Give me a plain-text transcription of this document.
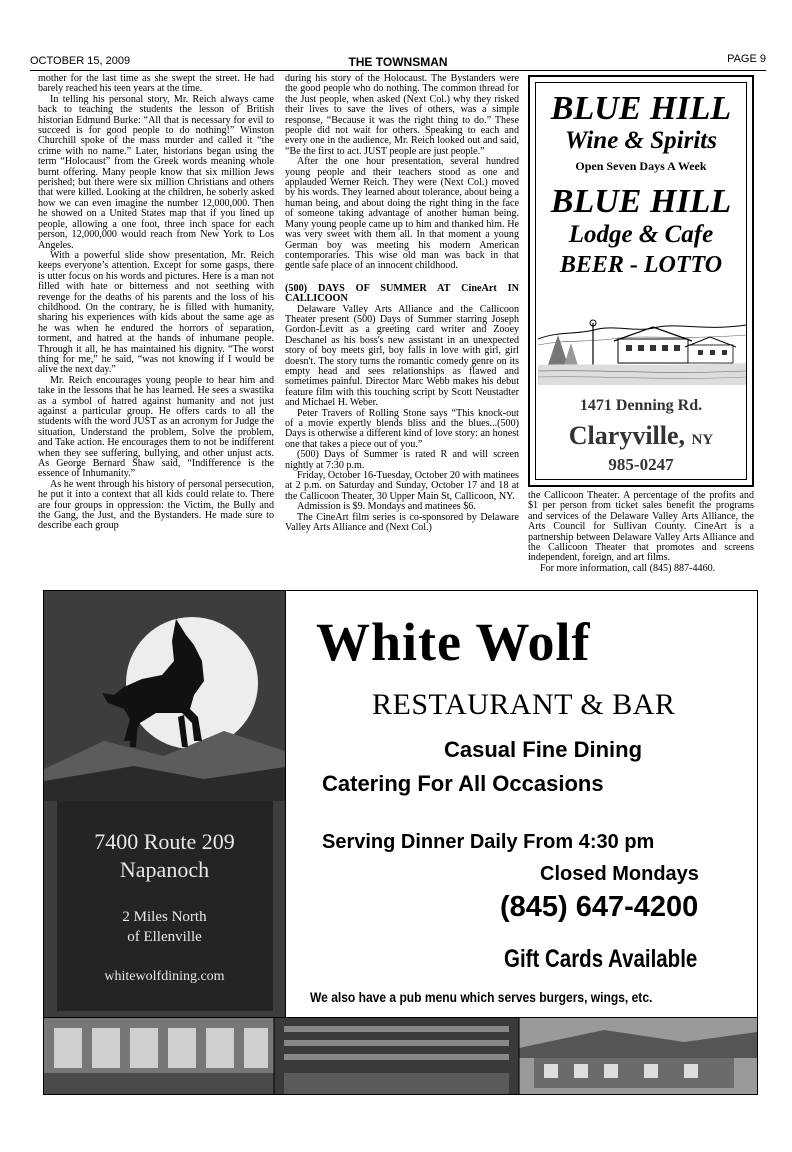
OCTOBER 15, 2009	THE TOWNSMAN	PAGE 9

mother for the last time as she swept the street. He had barely reached his teen years at the time.

In telling his personal story, Mr. Reich always came back to teaching the students the lesson of British historian Edmund Burke: “All that is necessary for evil to succeed is for good people to do nothing!” Winston Churchill spoke of the mass murder and called it “the crime with no name.” Later, historians began using the term “Holocaust” from the Greek words meaning whole burnt offering. Many people know that six million Jews perished; but there were six million Christians and others that were killed. Looking at the children, he soberly asked how we can even imagine the number 12,000,000. Then he showed on a United States map that if you lined up people, allowing a one foot, three inch space for each person, 12,000,000 would reach from New York to Los Angeles.

With a powerful slide show presentation, Mr. Reich keeps everyone’s attention. Except for some gasps, there is utter focus on his words and pictures. Here is a man not filled with hate or bitterness and not seething with revenge for the deaths of his parents and the loss of his childhood. On the contrary, he is filled with humanity, sharing his experiences with kids about the same age as he was when he endured the horrors of separation, torment, and hatred at the hands of inhumane people. Through it all, he has maintained his dignity. “The worst thing for me,” he said, “was not knowing if I would be alive the next day.”

Mr. Reich encourages young people to hear him and take in the lessons that he has learned. He sees a swastika as a symbol of hatred against humanity and not just against a particular group. He offers cards to all the students with the word JUST as an acronym for Judge the situation, Understand the problem, Solve the problem, and Take action. He encourages them to not be indifferent when they see suffering, bullying, and other unjust acts. As George Bernard Shaw said, “Indifference is the essence of Inhumanity.”

As he went through his history of personal persecution, he put it into a context that all kids could relate to. There are four groups in oppression: the Victim, the Bully and the Gang, the Just, and the Bystanders. He made sure to describe each group

during his story of the Holocaust. The Bystanders were the good people who do nothing. The common thread for the Just people, when asked (Next Col.) why they risked their lives to save the lives of others, was a simple response, “Because it was the right thing to do.” These people did not wait for others. Speaking to each and every one in the audience, Mr. Reich looked out and said, “Be the first to act. JUST people are just people.”

After the one hour presentation, several hundred young people and their teachers stood as one and applauded Werner Reich. They were (Next Col.) moved by his words. They learned about tolerance, about being a human being, and about doing the right thing in the face of someone taking advantage of another human being. Many young people came up to him and thanked him. He was very sweet with them all. In that moment a young German boy was meeting his modern American contemporaries. This wise old man was back in that gentle safe place of an innocent childhood.

(500) DAYS OF SUMMER AT CineArt IN CALLICOON

Delaware Valley Arts Alliance and the Callicoon Theater present (500) Days of Summer starring Joseph Gordon-Levitt as a greeting card writer and Zooey Deschanel as his boss's new assistant in an unexpected story of boy meets girl, boy falls in love with girl, girl doesn't. The story turns the romantic comedy genre on its empty head and sees relationships as flawed and sometimes painful. Director Marc Webb makes his debut feature film with this touching script by Scott Neustadter and Michael H. Weber.

Peter Travers of Rolling Stone says “This knock-out of a movie expertly blends bliss and the blues...(500) Days is otherwise a different kind of love story: an honest one that takes a piece out of you.”

(500) Days of Summer is rated R and will screen nightly at 7:30 p.m.

Friday, October 16-Tuesday, October 20 with matinees at 2 p.m. on Saturday and Sunday, October 17 and 18 at the Callicoon Theater, 30 Upper Main St, Callicoon, NY.

Admission is $9. Mondays and matinees $6.

The CineArt film series is co-sponsored by Delaware Valley Arts Alliance and (Next Col.)

the Callicoon Theater. A percentage of the profits and $1 per person from ticket sales benefit the programs and services of the Delaware Valley Arts Alliance, the Arts Council for Sullivan County. CineArt is a partnership between Delaware Valley Arts Alliance and the Callicoon Theater that promotes and screens independent, foreign, and art films.

For more information, call (845) 887-4460.

BLUE HILL
Wine & Spirits
Open Seven Days A Week
BLUE HILL
Lodge & Cafe
BEER - LOTTO
1471 Denning Rd.
Claryville, NY
985-0247
7400 Route 209
Napanoch
2 Miles North
of Ellenville
whitewolfdining.com
White Wolf
RESTAURANT & BAR
Casual Fine Dining
Catering For All Occasions
Serving Dinner Daily From 4:30 pm
Closed Mondays
(845) 647-4200
Gift Cards Available
We also have a pub menu which serves burgers, wings, etc.
